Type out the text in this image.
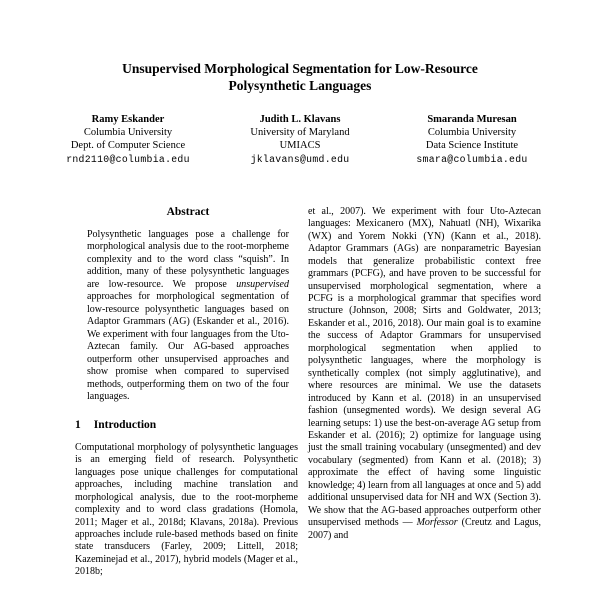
Unsupervised Morphological Segmentation for Low-Resource
Polysynthetic Languages
Ramy Eskander
Columbia University
Dept. of Computer Science
rnd2110@columbia.edu
Judith L. Klavans
University of Maryland
UMIACS
jklavans@umd.edu
Smaranda Muresan
Columbia University
Data Science Institute
smara@columbia.edu
Abstract

Polysynthetic languages pose a challenge for morphological analysis due to the root-morpheme complexity and to the word class “squish”. In addition, many of these polysynthetic languages are low-resource. We propose unsupervised approaches for morphological segmentation of low-resource polysynthetic languages based on Adaptor Grammars (AG) (Eskander et al., 2016). We experiment with four languages from the Uto-Aztecan family. Our AG-based approaches outperform other unsupervised approaches and show promise when compared to supervised methods, outperforming them on two of the four languages.

1 Introduction

Computational morphology of polysynthetic languages is an emerging field of research. Polysynthetic languages pose unique challenges for computational approaches, including machine translation and morphological analysis, due to the root-morpheme complexity and to word class gradations (Homola, 2011; Mager et al., 2018d; Klavans, 2018a). Previous approaches include rule-based methods based on finite state transducers (Farley, 2009; Littell, 2018; Kazeminejad et al., 2017), hybrid models (Mager et al., 2018b;

et al., 2007). We experiment with four Uto-Aztecan languages: Mexicanero (MX), Nahuatl (NH), Wixarika (WX) and Yorem Nokki (YN) (Kann et al., 2018). Adaptor Grammars (AGs) are nonparametric Bayesian models that generalize probabilistic context free grammars (PCFG), and have proven to be successful for unsupervised morphological segmentation, where a PCFG is a morphological grammar that specifies word structure (Johnson, 2008; Sirts and Goldwater, 2013; Eskander et al., 2016, 2018). Our main goal is to examine the success of Adaptor Grammars for unsupervised morphological segmentation when applied to polysynthetic languages, where the morphology is synthetically complex (not simply agglutinative), and where resources are minimal. We use the datasets introduced by Kann et al. (2018) in an unsupervised fashion (unsegmented words). We design several AG learning setups: 1) use the best-on-average AG setup from Eskander et al. (2016); 2) optimize for language using just the small training vocabulary (unsegmented) and dev vocabulary (segmented) from Kann et al. (2018); 3) approximate the effect of having some linguistic knowledge; 4) learn from all languages at once and 5) add additional unsupervised data for NH and WX (Section 3). We show that the AG-based approaches outperform other unsupervised methods — Morfessor (Creutz and Lagus, 2007) and
